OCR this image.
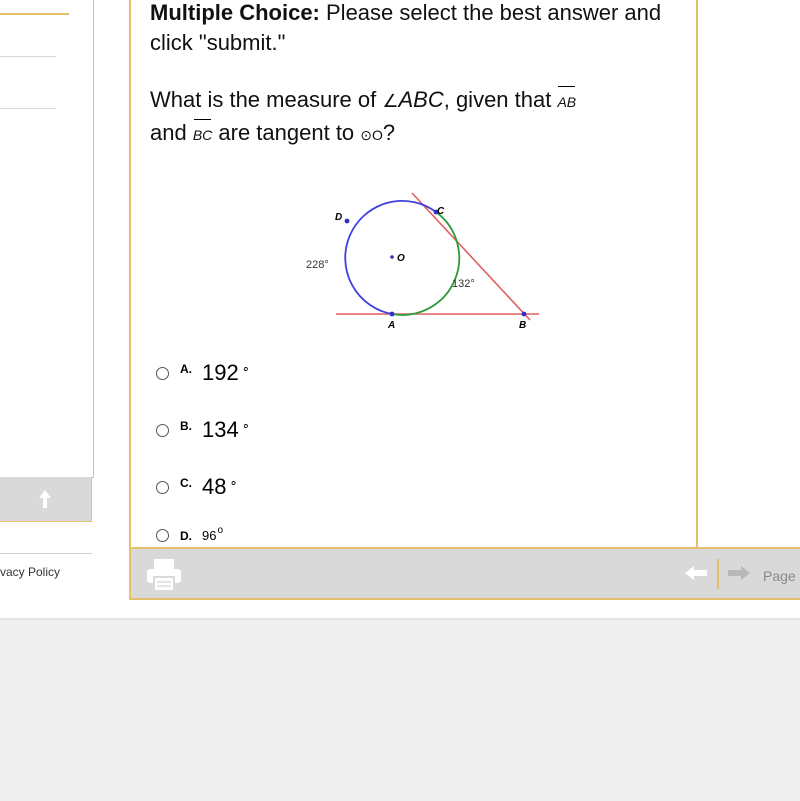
vacy Policy
Multiple Choice: Please select the best answer and click "submit."
What is the measure of ∠ABC, given that AB
and BC are tangent to ⊙O?
D
C
O
A	B
228°
132°
A. 192 ∘
B. 134 ∘
C. 48 ∘
D. 96 o
Page
